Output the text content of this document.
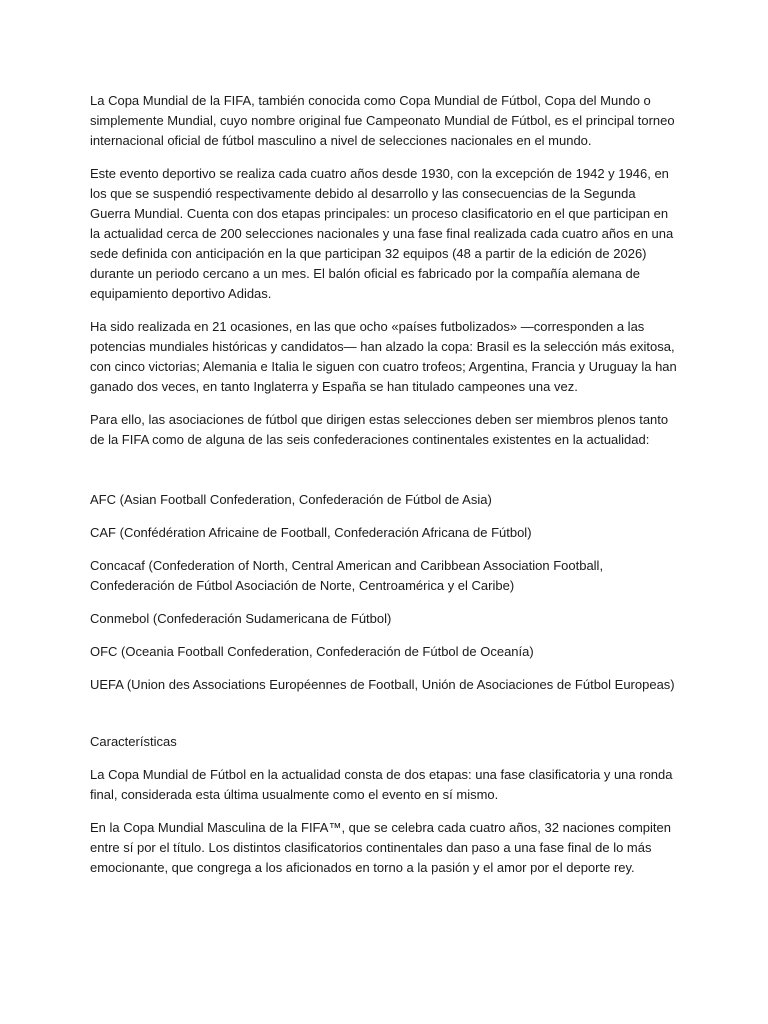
La Copa Mundial de la FIFA, también conocida como Copa Mundial de Fútbol, Copa del Mundo o simplemente Mundial, cuyo nombre original fue Campeonato Mundial de Fútbol, es el principal torneo internacional oficial de fútbol masculino a nivel de selecciones nacionales en el mundo.

Este evento deportivo se realiza cada cuatro años desde 1930, con la excepción de 1942 y 1946, en los que se suspendió respectivamente debido al desarrollo y las consecuencias de la Segunda Guerra Mundial. Cuenta con dos etapas principales: un proceso clasificatorio en el que participan en la actualidad cerca de 200 selecciones nacionales y una fase final realizada cada cuatro años en una sede definida con anticipación en la que participan 32 equipos (48 a partir de la edición de 2026) durante un periodo cercano a un mes. El balón oficial es fabricado por la compañía alemana de equipamiento deportivo Adidas.

Ha sido realizada en 21 ocasiones, en las que ocho «países futbolizados» —corresponden a las potencias mundiales históricas y candidatos— han alzado la copa: Brasil es la selección más exitosa, con cinco victorias; Alemania e Italia le siguen con cuatro trofeos; Argentina, Francia y Uruguay la han ganado dos veces, en tanto Inglaterra y España se han titulado campeones una vez.

Para ello, las asociaciones de fútbol que dirigen estas selecciones deben ser miembros plenos tanto de la FIFA como de alguna de las seis confederaciones continentales existentes en la actualidad:

AFC (Asian Football Confederation, Confederación de Fútbol de Asia)

CAF (Confédération Africaine de Football, Confederación Africana de Fútbol)

Concacaf (Confederation of North, Central American and Caribbean Association Football, Confederación de Fútbol Asociación de Norte, Centroamérica y el Caribe)

Conmebol (Confederación Sudamericana de Fútbol)

OFC (Oceania Football Confederation, Confederación de Fútbol de Oceanía)

UEFA (Union des Associations Européennes de Football, Unión de Asociaciones de Fútbol Europeas)

Características

La Copa Mundial de Fútbol en la actualidad consta de dos etapas: una fase clasificatoria y una ronda final, considerada esta última usualmente como el evento en sí mismo.

En la Copa Mundial Masculina de la FIFA™, que se celebra cada cuatro años, 32 naciones compiten entre sí por el título. Los distintos clasificatorios continentales dan paso a una fase final de lo más emocionante, que congrega a los aficionados en torno a la pasión y el amor por el deporte rey.
